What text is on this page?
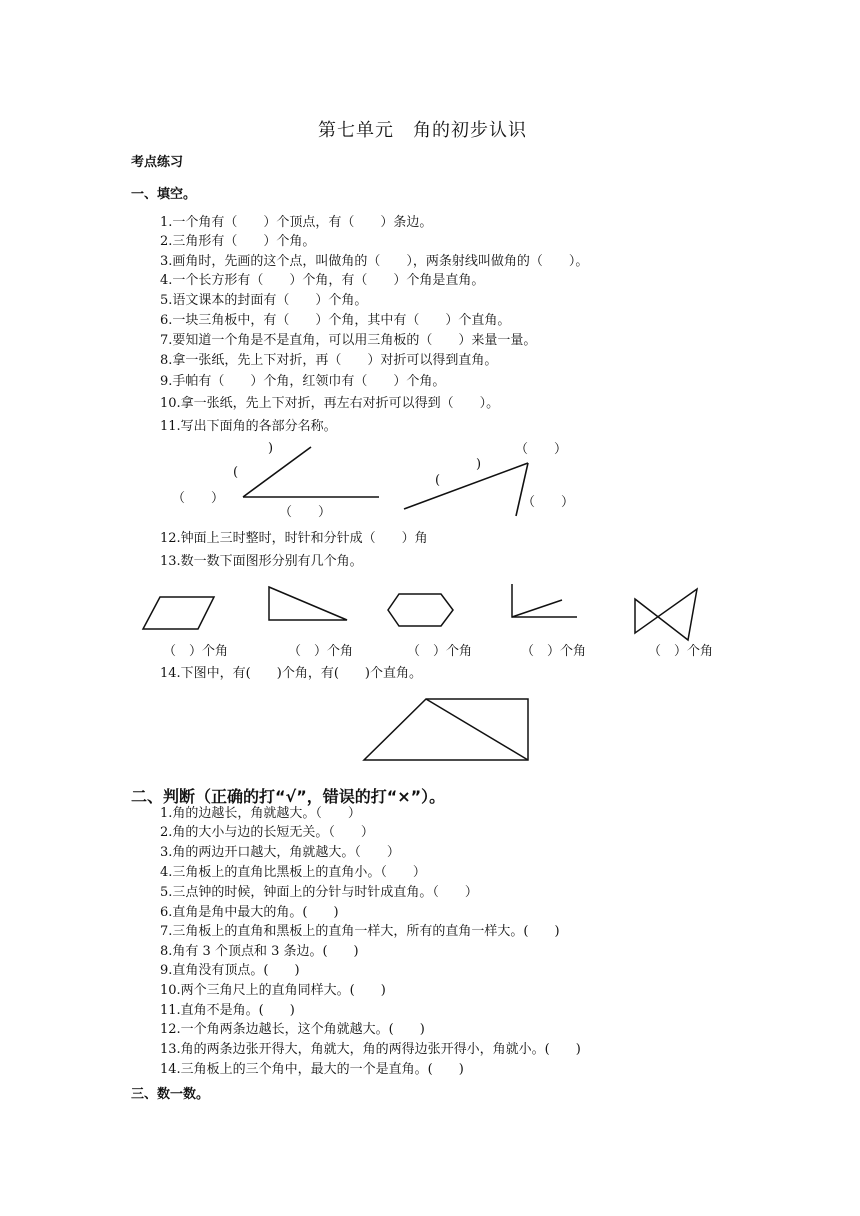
第七单元　角的初步认识
考点练习
一、填空。
1.一个角有（　　）个顶点，有（　　）条边。
2.三角形有（　　）个角。
3.画角时，先画的这个点，叫做角的（　　），两条射线叫做角的（　　）。
4.一个长方形有（　　）个角，有（　　）个角是直角。
5.语文课本的封面有（　　）个角。
6.一块三角板中，有（　　）个角，其中有（　　）个直角。
7.要知道一个角是不是直角，可以用三角板的（　　）来量一量。
8.拿一张纸，先上下对折，再（　　）对折可以得到直角。
9.手帕有（　　）个角，红领巾有（　　）个角。
10.拿一张纸，先上下对折，再左右对折可以得到（　　）。
11.写出下面角的各部分名称。
)
(
)
(
（　　）
（　　）
（　　）
（　　）
12.钟面上三时整时，时针和分针成（　　）角
13.数一数下面图形分别有几个角。
（　）个角	（　）个角	（　）个角	（　）个角	（　）个角
14.下图中，有(　　)个角，有(　　)个直角。
二、判断（正确的打“√”，错误的打“×”）。
1.角的边越长，角就越大。（　　）
2.角的大小与边的长短无关。（　　）
3.角的两边开口越大，角就越大。（　　）
4.三角板上的直角比黑板上的直角小。（　　）
5.三点钟的时候，钟面上的分针与时针成直角。（　　）
6.直角是角中最大的角。(　　)
7.三角板上的直角和黑板上的直角一样大，所有的直角一样大。(　　)
8.角有 3 个顶点和 3 条边。(　　)
9.直角没有顶点。(　　)
10.两个三角尺上的直角同样大。(　　)
11.直角不是角。(　　)
12.一个角两条边越长，这个角就越大。(　　)
13.角的两条边张开得大，角就大，角的两得边张开得小，角就小。(　　)
14.三角板上的三个角中，最大的一个是直角。(　　)
三、数一数。
